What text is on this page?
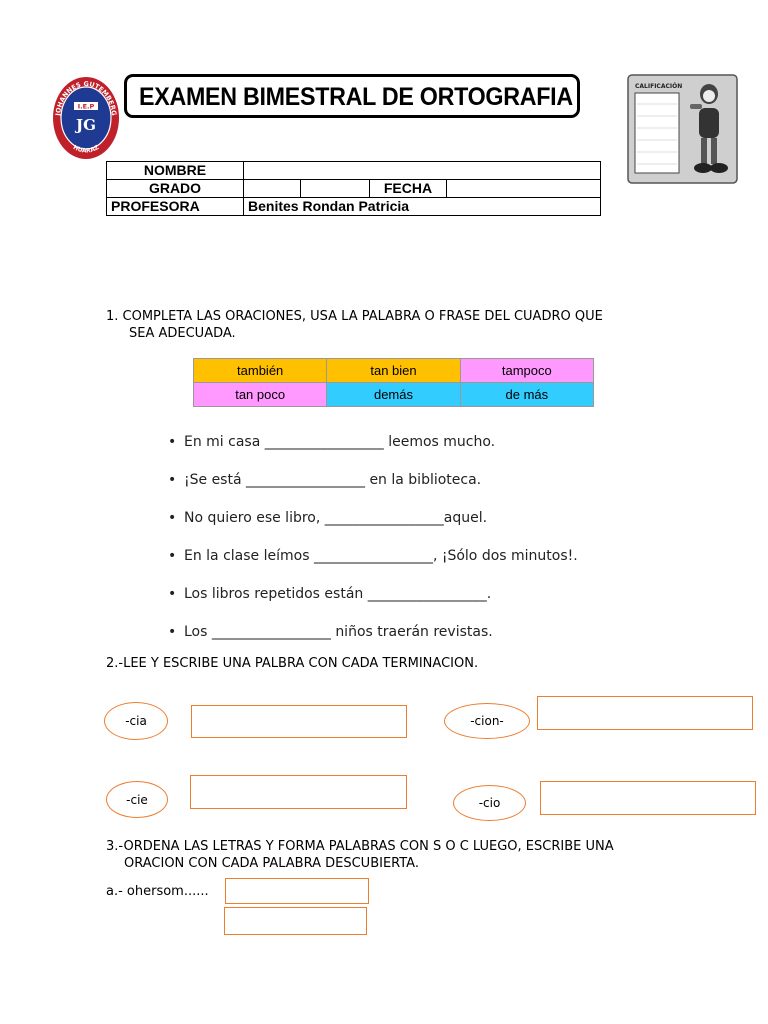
JOHANNES GUTEMBERG
HUARAZ
I.E.P
JG
EXAMEN BIMESTRAL DE ORTOGRAFIA	CALIFICACIÓN
NOMBRE				
GRADO			FECHA	
PROFESORA	Benites Rondan Patricia			
1. COMPLETA LAS ORACIONES, USA LA PALABRA O FRASE DEL CUADRO QUE
SEA ADECUADA.
también	tan bien	tampoco
tan poco	demás	de más
• En mi casa _________________ leemos mucho.
• ¡Se está _________________ en la biblioteca.
• No quiero ese libro, _________________aquel.
• En la clase leímos _________________, ¡Sólo dos minutos!.
• Los libros repetidos están _________________.
• Los _________________ niños traerán revistas.
2.-LEE Y ESCRIBE UNA PALBRA CON CADA TERMINACION.
-cia	-cion-
-cie	-cio
3.-ORDENA LAS LETRAS Y FORMA PALABRAS CON S O C LUEGO, ESCRIBE UNA
ORACION CON CADA PALABRA DESCUBIERTA.
a.- ohersom......
